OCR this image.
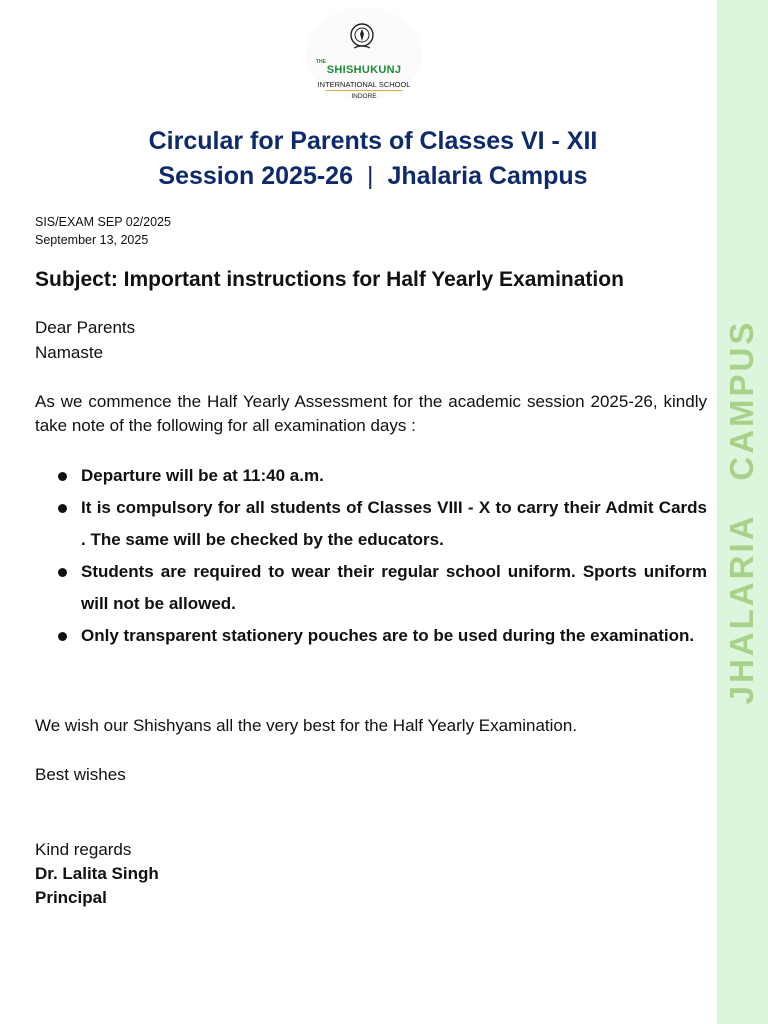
JHALARIA CAMPUS
THE
SHISHUKUNJ
INTERNATIONAL SCHOOL
INDORE
Circular for Parents of Classes VI - XII
Session 2025-26 | Jhalaria Campus
SIS/EXAM SEP 02/2025
September 13, 2025
Subject: Important instructions for Half Yearly Examination
Dear Parents
Namaste
As we commence the Half Yearly Assessment for the academic session 2025-26, kindly take note of the following for all examination days :
Departure will be at 11:40 a.m.
It is compulsory for all students of Classes VIII - X to carry their Admit Cards . The same will be checked by the educators.
Students are required to wear their regular school uniform. Sports uniform will not be allowed.
Only transparent stationery pouches are to be used during the examination.
We wish our Shishyans all the very best for the Half Yearly Examination.
Best wishes
Kind regards
Dr. Lalita Singh
Principal
